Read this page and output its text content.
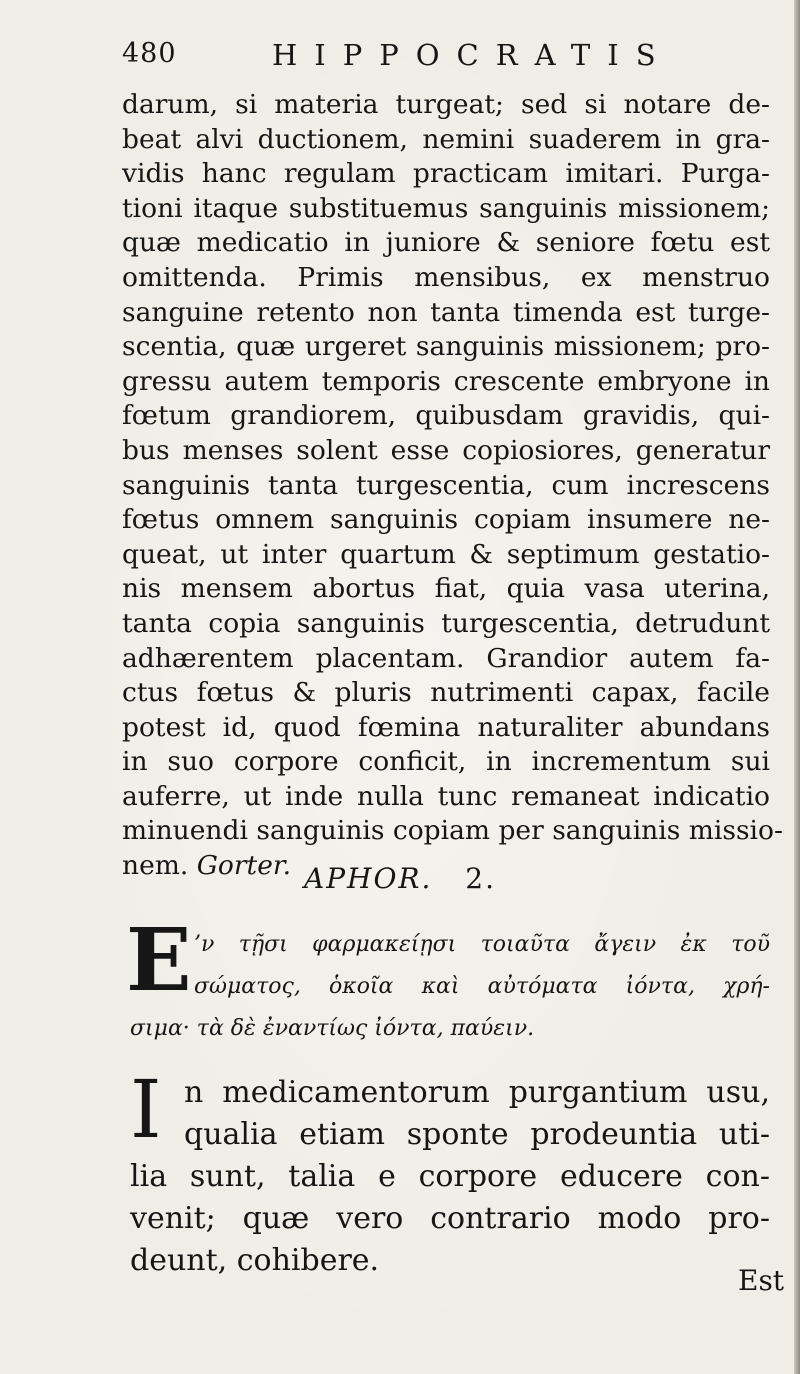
480	HIPPOCRATIS
darum, si materia turgeat; sed si notare de-
beat alvi ductionem, nemini suaderem in gra-
vidis hanc regulam practicam imitari. Purga-
tioni itaque substituemus sanguinis missionem;
quæ medicatio in juniore & seniore fœtu est
omittenda. Primis mensibus, ex menstruo
sanguine retento non tanta timenda est turge-
scentia, quæ urgeret sanguinis missionem; pro-
gressu autem temporis crescente embryone in
fœtum grandiorem, quibusdam gravidis, qui-
bus menses solent esse copiosiores, generatur
sanguinis tanta turgescentia, cum increscens
fœtus omnem sanguinis copiam insumere ne-
queat, ut inter quartum & septimum gestatio-
nis mensem abortus fiat, quia vasa uterina,
tanta copia sanguinis turgescentia, detrudunt
adhærentem placentam. Grandior autem fa-
ctus fœtus & pluris nutrimenti capax, facile
potest id, quod fœmina naturaliter abundans
in suo corpore conficit, in incrementum sui
auferre, ut inde nulla tunc remaneat indicatio
minuendi sanguinis copiam per sanguinis missio-
nem. Gorter. APHOR. 2.
E ’ν τῇσι φαρμακείῃσι τοιαῦτα ἄγειν ἐκ τοῦ
σώματος, ὁκοῖα καὶ αὐτόματα ἰόντα, χρή-
σιμα· τὰ δὲ ἐναντίως ἰόντα, παύειν.
I n medicamentorum purgantium usu,
qualia etiam sponte prodeuntia uti-
lia sunt, talia e corpore educere con-
venit; quæ vero contrario modo pro-
deunt, cohibere.
Est
